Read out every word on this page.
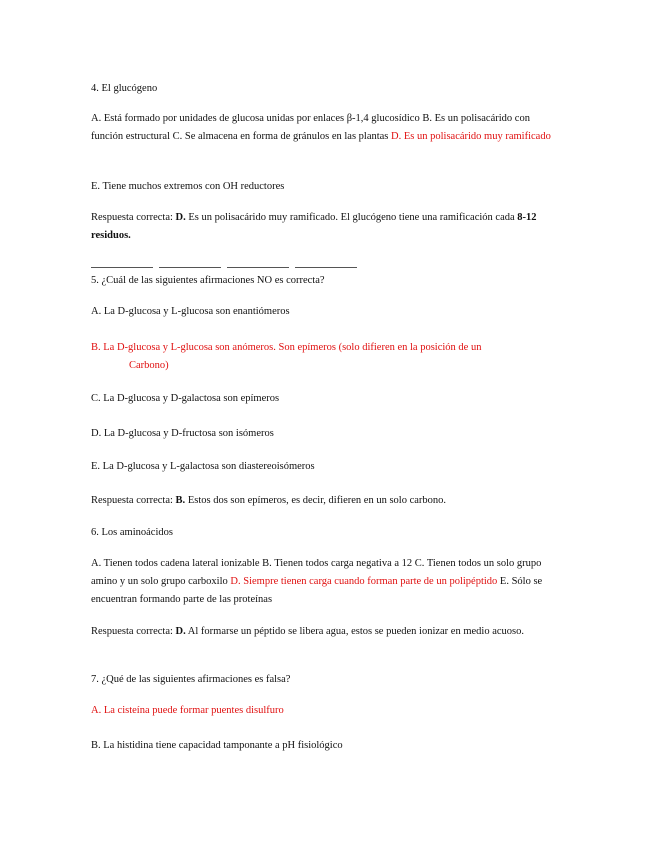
4. El glucógeno

A. Está formado por unidades de glucosa unidas por enlaces β-1,4 glucosídico B. Es un polisacárido con función estructural C. Se almacena en forma de gránulos en las plantas D. Es un polisacárido muy ramificado

E. Tiene muchos extremos con OH reductores

Respuesta correcta: D. Es un polisacárido muy ramificado. El glucógeno tiene una ramificación cada 8-12 residuos.

5. ¿Cuál de las siguientes afirmaciones NO es correcta?

A. La D-glucosa y L-glucosa son enantiómeros

B. La D-glucosa y L-glucosa son anómeros. Son epímeros (solo difieren en la posición de un
Carbono)

C. La D-glucosa y D-galactosa son epímeros

D. La D-glucosa y D-fructosa son isómeros

E. La D-glucosa y L-galactosa son diastereoisómeros

Respuesta correcta: B. Estos dos son epímeros, es decir, difieren en un solo carbono.

6. Los aminoácidos

A. Tienen todos cadena lateral ionizable B. Tienen todos carga negativa a 12 C. Tienen todos un solo grupo amino y un solo grupo carboxilo D. Siempre tienen carga cuando forman parte de un polipéptido E. Sólo se encuentran formando parte de las proteínas

Respuesta correcta: D. Al formarse un péptido se libera agua, estos se pueden ionizar en medio acuoso.

7. ¿Qué de las siguientes afirmaciones es falsa?

A. La cisteína puede formar puentes disulfuro

B. La histidina tiene capacidad tamponante a pH fisiológico
